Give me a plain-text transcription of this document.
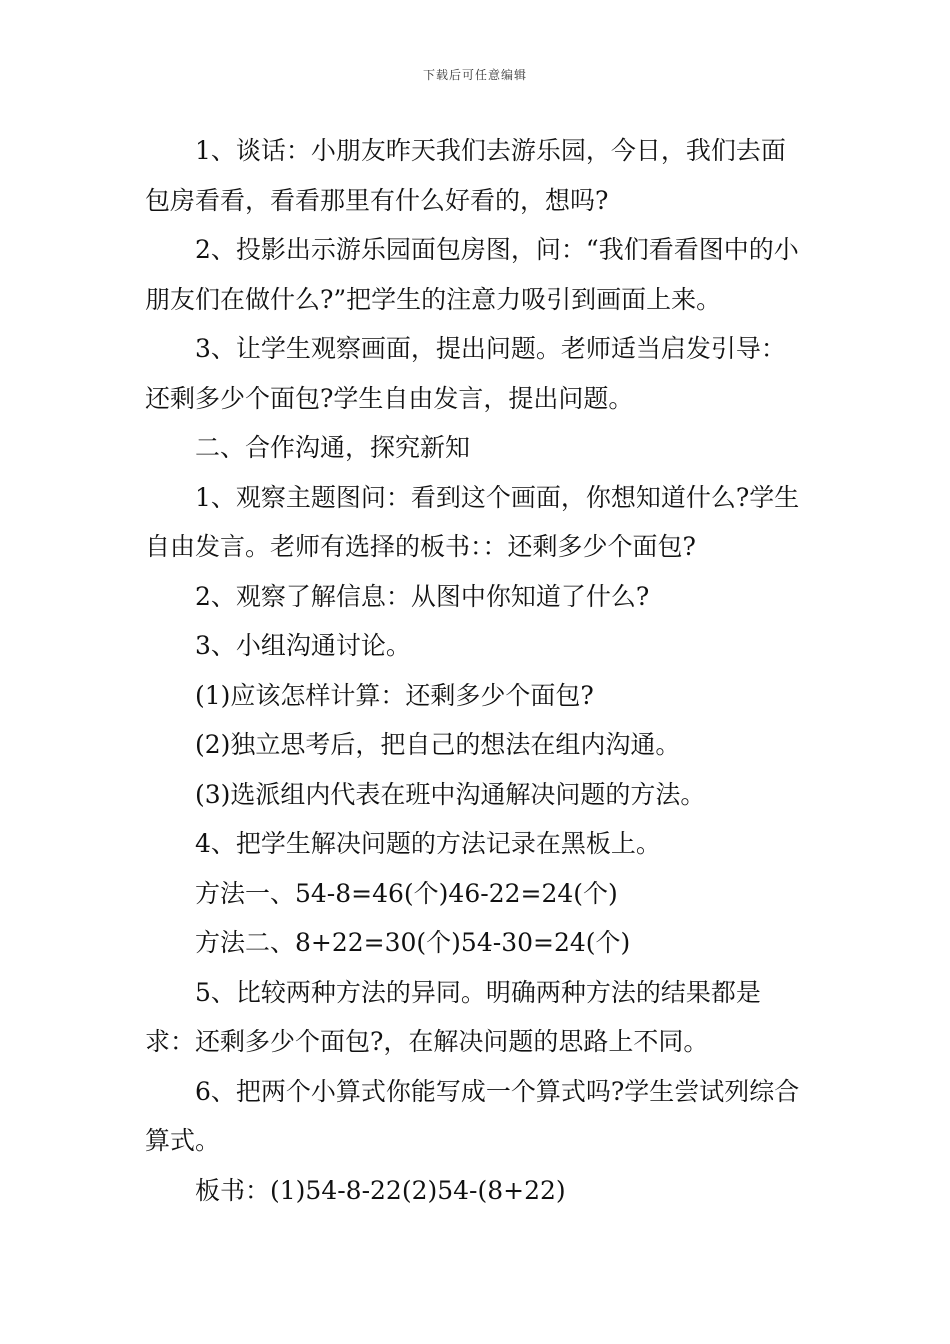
下载后可任意编辑

1、谈话：小朋友昨天我们去游乐园，今日，我们去面包房看看，看看那里有什么好看的，想吗?

2、投影出示游乐园面包房图，问：“我们看看图中的小朋友们在做什么?”把学生的注意力吸引到画面上来。

3、让学生观察画面，提出问题。老师适当启发引导：还剩多少个面包?学生自由发言，提出问题。

二、合作沟通，探究新知

1、观察主题图问：看到这个画面，你想知道什么?学生自由发言。老师有选择的板书：：还剩多少个面包?

2、观察了解信息：从图中你知道了什么?

3、小组沟通讨论。

(1)应该怎样计算：还剩多少个面包?

(2)独立思考后，把自己的想法在组内沟通。

(3)选派组内代表在班中沟通解决问题的方法。

4、把学生解决问题的方法记录在黑板上。

方法一、54-8=46(个)46-22=24(个)

方法二、8+22=30(个)54-30=24(个)

5、比较两种方法的异同。明确两种方法的结果都是求：还剩多少个面包?，在解决问题的思路上不同。

6、把两个小算式你能写成一个算式吗?学生尝试列综合算式。

板书：(1)54-8-22(2)54-(8+22)
